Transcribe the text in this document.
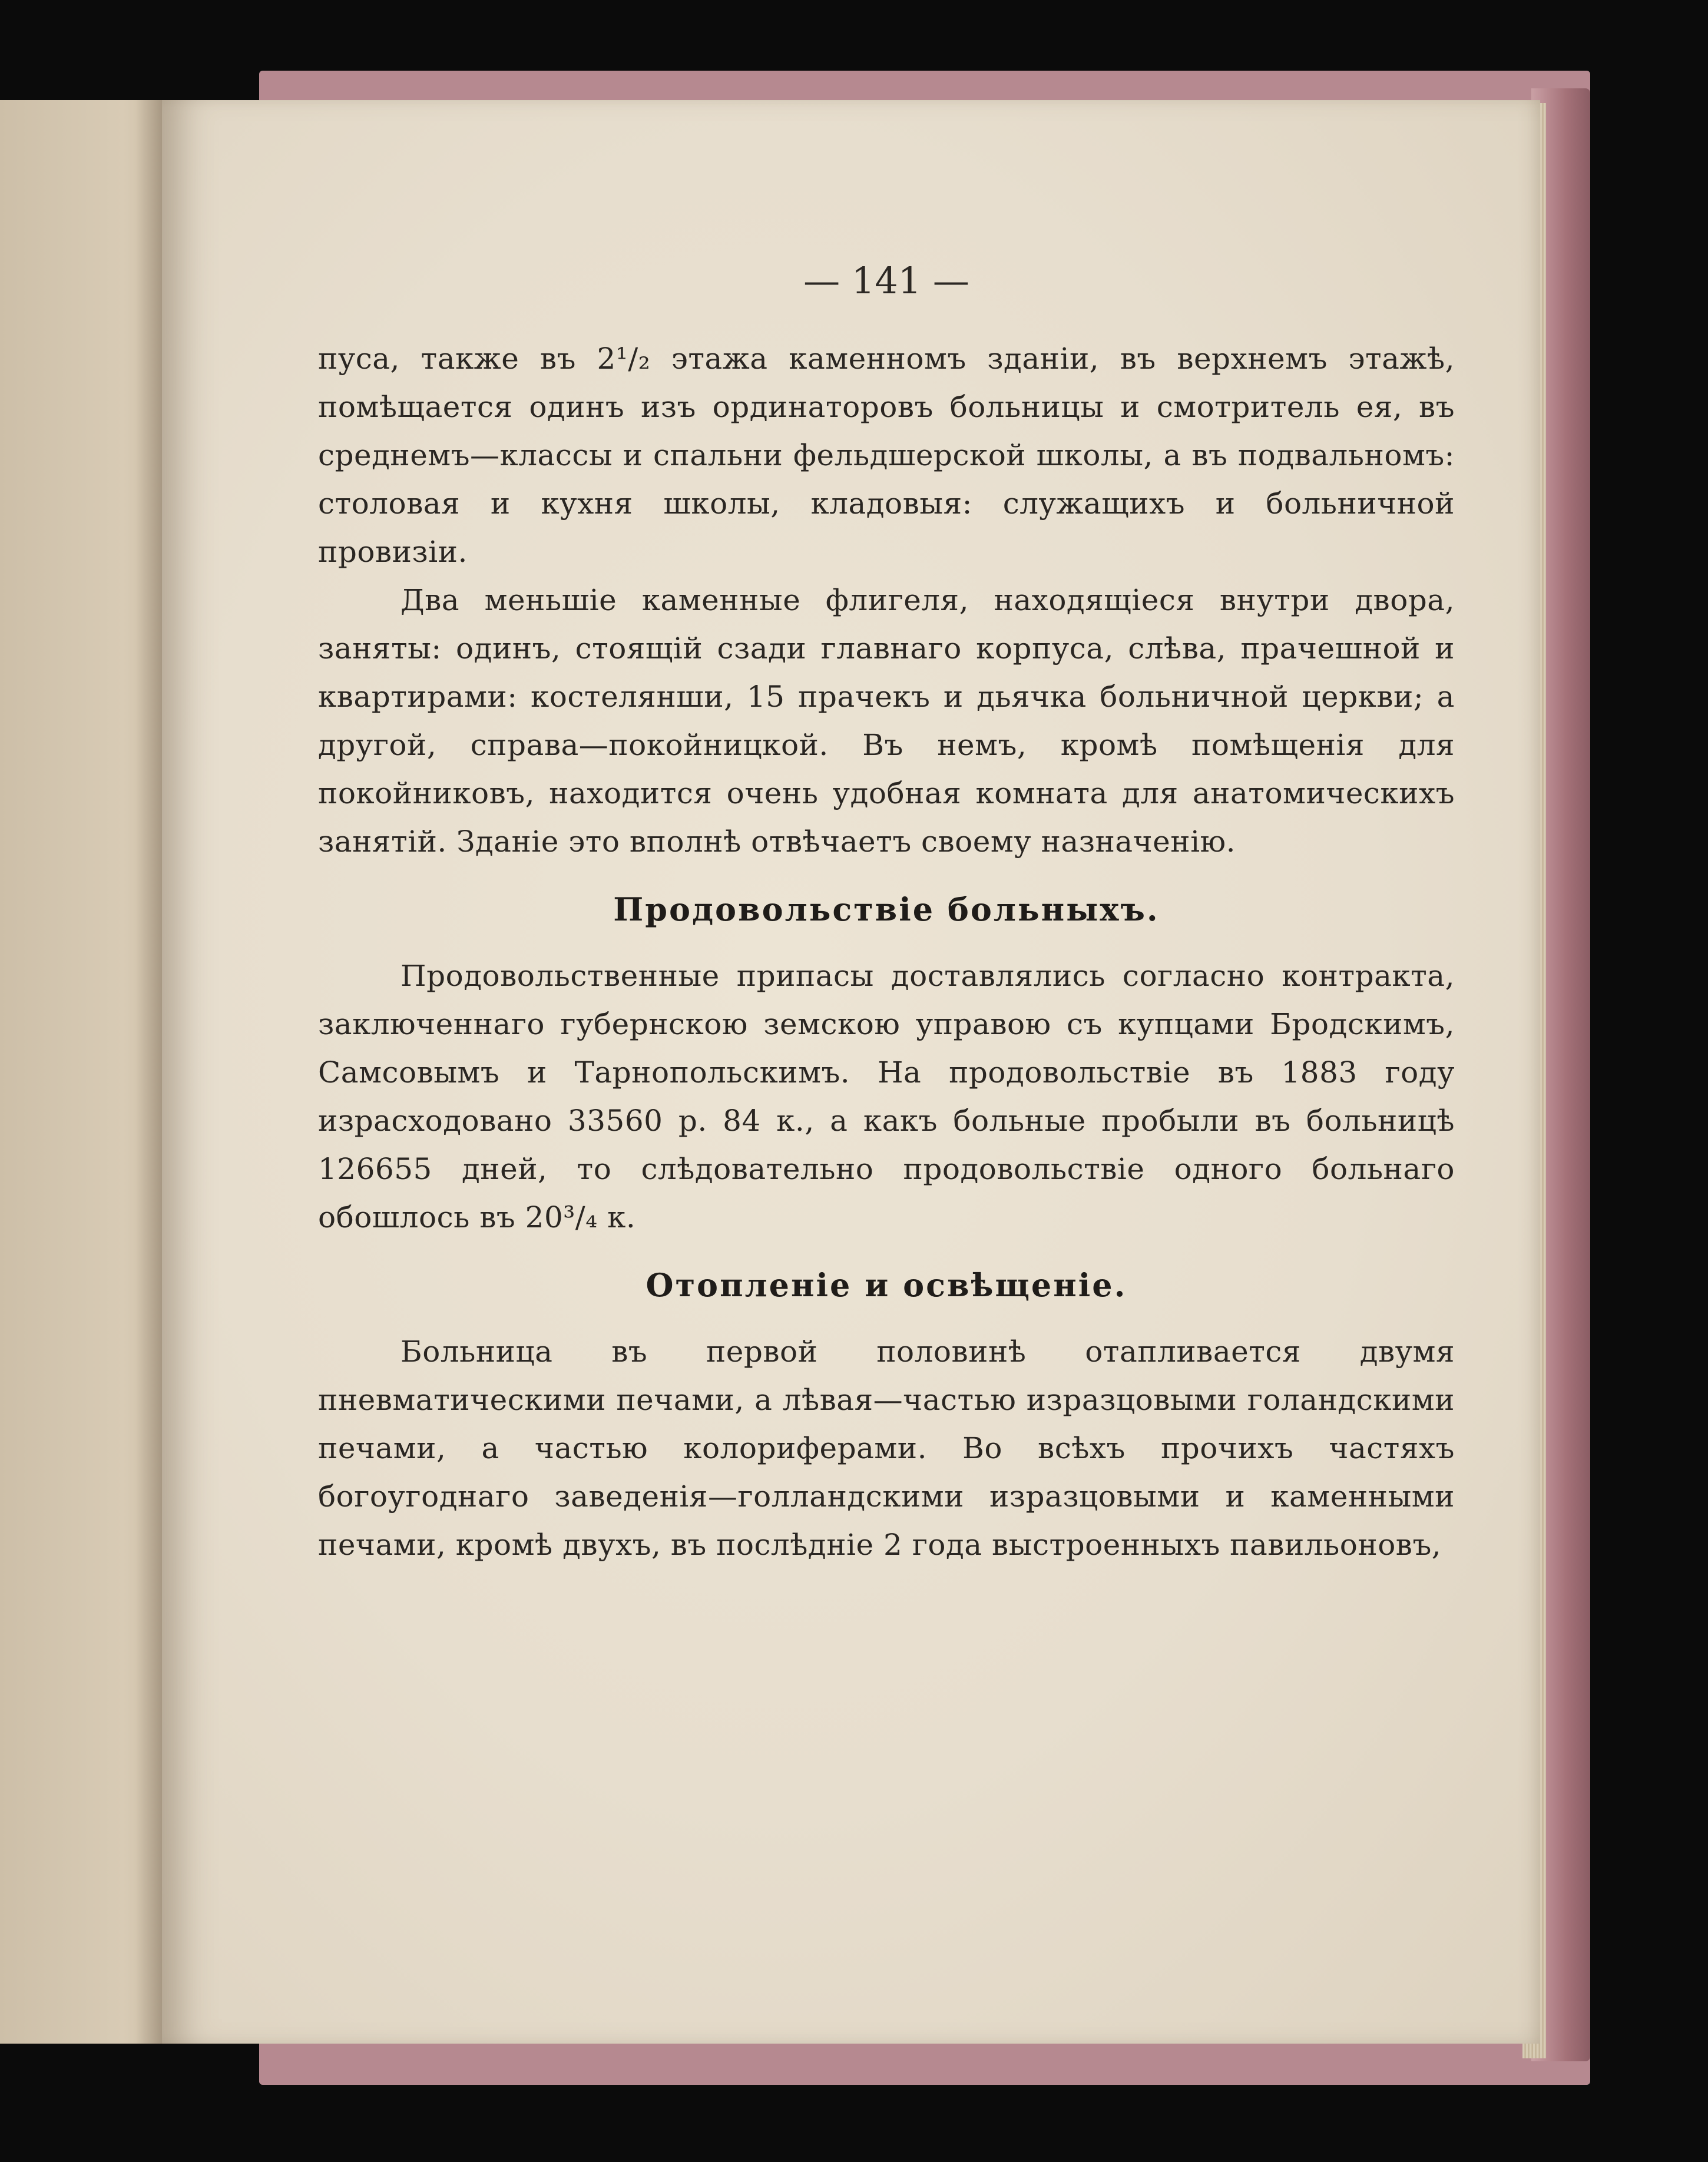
— 141 —

пуса, также въ 2¹/₂ этажа каменномъ зданіи, въ верхнемъ этажѣ, помѣщается одинъ изъ ординаторовъ больницы и смотритель ея, въ среднемъ—классы и спальни фельдшерской школы, а въ подвальномъ: столовая и кухня школы, кладовыя: служащихъ и больничной провизіи.

Два меньшіе каменные флигеля, находящіеся внутри двора, заняты: одинъ, стоящій сзади главнаго корпуса, слѣва, прачешной и квартирами: костелянши, 15 прачекъ и дьячка больничной церкви; а другой, справа—покойницкой. Въ немъ, кромѣ помѣщенія для покойниковъ, находится очень удобная комната для анатомическихъ занятій. Зданіе это вполнѣ отвѣчаетъ своему назначенію.

Продовольствіе больныхъ.

Продовольственные припасы доставлялись согласно контракта, заключеннаго губернскою земскою управою съ купцами Бродскимъ, Самсовымъ и Тарнопольскимъ. На продовольствіе въ 1883 году израсходовано 33560 р. 84 к., а какъ больные пробыли въ больницѣ 126655 дней, то слѣдовательно продовольствіе одного больнаго обошлось въ 20³/₄ к.

Отопленіе и освѣщеніе.

Больница въ первой половинѣ отапливается двумя пневматическими печами, а лѣвая—частью изразцовыми голандскими печами, а частью колориферами. Во всѣхъ прочихъ частяхъ богоугоднаго заведенія—голландскими изразцовыми и каменными печами, кромѣ двухъ, въ послѣдніе 2 года выстроенныхъ павильоновъ,
